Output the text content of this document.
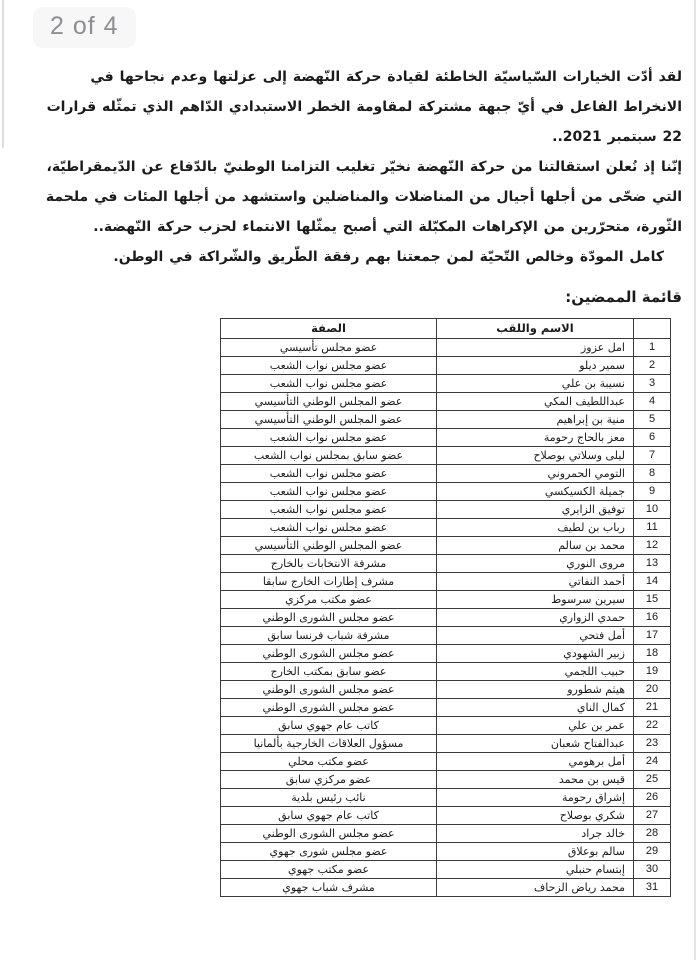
2 of 4

لقد أدّت الخيارات السّياسيّة الخاطئة لقيادة حركة النّهضة إلى عزلتها وعدم نجاحها في الانخراط الفاعل في أيّ جبهة مشتركة لمقاومة الخطر الاستبدادي الدّاهم الذي تمثّله قرارات 22 سبتمبر 2021..

إنّنا إذ نُعلن استقالتنا من حركة النّهضة نخيّر تغليب التزامنا الوطنيّ بالدّفاع عن الدّيمقراطيّة، التي ضحّى من أجلها أجيال من المناضلات والمناضلين واستشهد من أجلها المئات في ملحمة الثّورة، متحرّرين من الإكراهات المكبّلة التي أصبح يمثّلها الانتماء لحزب حركة النّهضة..

كامل المودّة وخالص التّحيّة لمن جمعتنا بهم رفقة الطّريق والشّراكة في الوطن.

قائمة الممضين:
	الاسم واللقب	الصفة
1	امل عزوز	عضو مجلس تأسيسي
2	سمير ديلو	عضو مجلس نواب الشعب
3	نسيبة بن علي	عضو مجلس نواب الشعب
4	عبداللطيف المكي	عضو المجلس الوطني التأسيسي
5	منية بن إبراهيم	عضو المجلس الوطني التأسيسي
6	معز بالحاج رحومة	عضو مجلس نواب الشعب
7	ليلى وسلاتي بوصلاح	عضو سابق بمجلس نواب الشعب
8	التومي الحمروني	عضو مجلس نواب الشعب
9	جميلة الكسيكسي	عضو مجلس نواب الشعب
10	توفيق الزايري	عضو مجلس نواب الشعب
11	رباب بن لطيف	عضو مجلس نواب الشعب
12	محمد بن سالم	عضو المجلس الوطني التأسيسي
13	مروى النوري	مشرفة الانتخابات بالخارج
14	أحمد النفاتي	مشرف إطارات الخارج سابقا
15	سيرين سرسوط	عضو مكتب مركزي
16	حمدي الزواري	عضو مجلس الشورى الوطني
17	أمل فتحي	مشرفة شباب فرنسا سابق
18	زبير الشهودي	عضو مجلس الشورى الوطني
19	حبيب اللجمي	عضو سابق بمكتب الخارج
20	هيثم شطورو	عضو مجلس الشورى الوطني
21	كمال الناي	عضو مجلس الشورى الوطني
22	عمر بن علي	كاتب عام جهوي سابق
23	عبدالفتاح شعبان	مسؤول العلاقات الخارجية بألمانيا
24	أمل برهومي	عضو مكتب محلي
25	قيس بن محمد	عضو مركزي سابق
26	إشراق رحومة	نائب رئيس بلدية
27	شكري بوصلاح	كاتب عام جهوي سابق
28	خالد جراد	عضو مجلس الشورى الوطني
29	سالم بوعلاق	عضو مجلس شورى جهوي
30	إبتسام حنبلي	عضو مكتب جهوي
31	محمد رياض الزحاف	مشرف شباب جهوي
